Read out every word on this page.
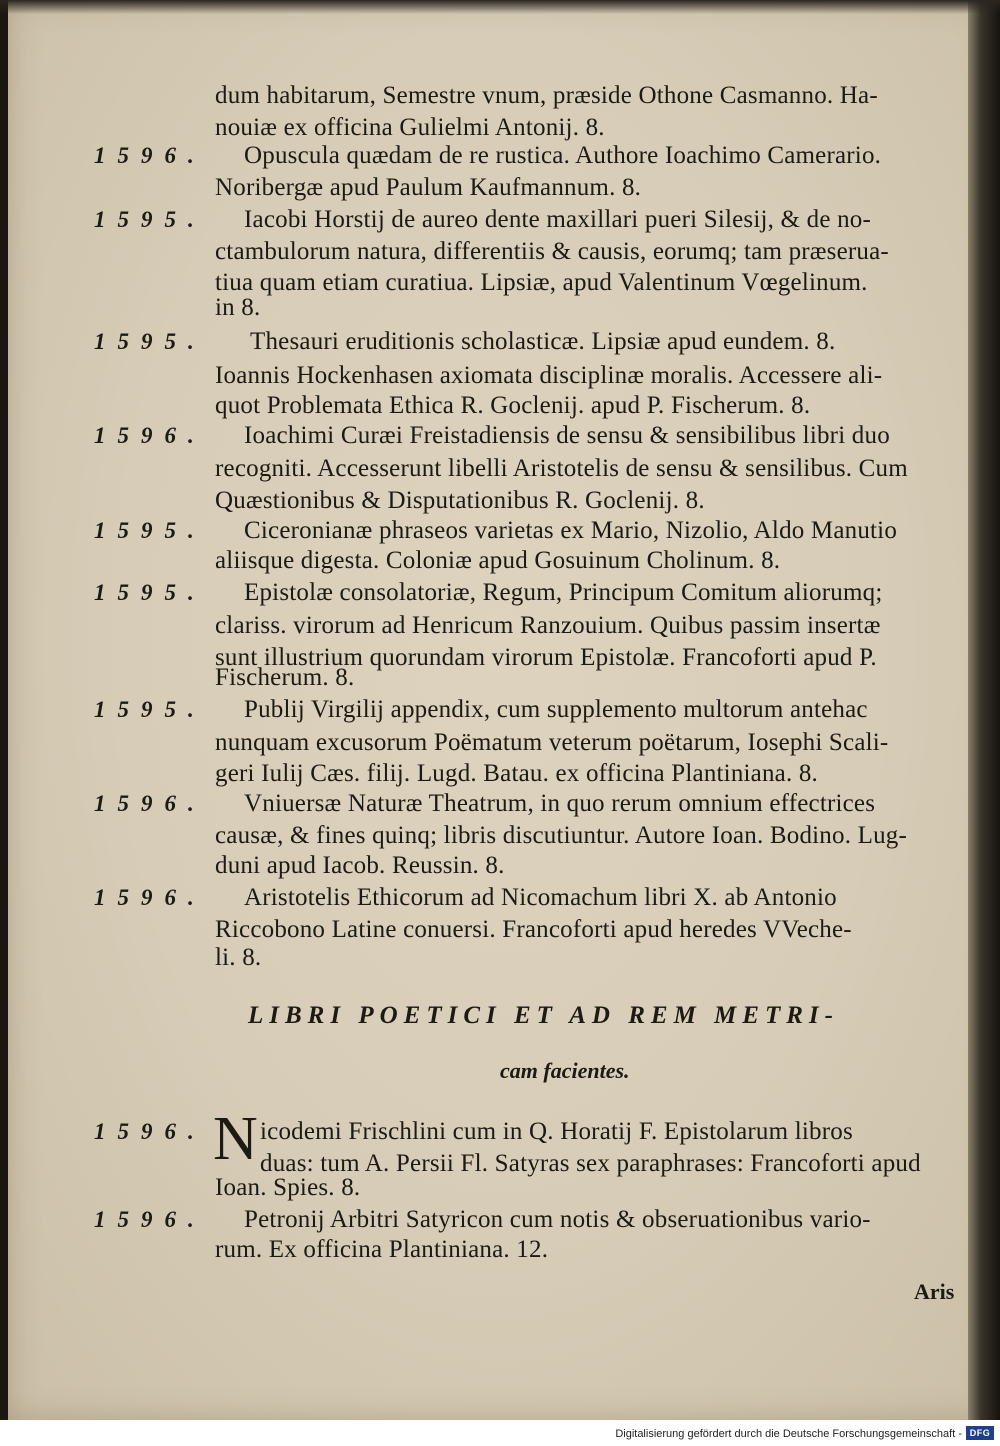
dum habitarum, Semestre vnum, præside Othone Casmanno. Ha-
nouiæ ex officina Gulielmi Antonij. 8.
1596. Opuscula quædam de re rustica. Authore Ioachimo Camerario.
Noribergæ apud Paulum Kaufmannum. 8.
1595. Iacobi Horstij de aureo dente maxillari pueri Silesij, & de no-
ctambulorum natura, differentiis & causis, eorumq; tam præserua-
tiua quam etiam curatiua. Lipsiæ, apud Valentinum Vœgelinum.
in 8.
1595. Thesauri eruditionis scholasticæ. Lipsiæ apud eundem. 8.
Ioannis Hockenhasen axiomata disciplinæ moralis. Accessere ali-
quot Problemata Ethica R. Goclenij. apud P. Fischerum. 8.
1596. Ioachimi Curæi Freistadiensis de sensu & sensibilibus libri duo
recogniti. Accesserunt libelli Aristotelis de sensu & sensilibus. Cum
Quæstionibus & Disputationibus R. Goclenij. 8.
1595. Ciceronianæ phraseos varietas ex Mario, Nizolio, Aldo Manutio
aliisque digesta. Coloniæ apud Gosuinum Cholinum. 8.
1595. Epistolæ consolatoriæ, Regum, Principum Comitum aliorumq;
clariss. virorum ad Henricum Ranzouium. Quibus passim insertæ
sunt illustrium quorundam virorum Epistolæ. Francoforti apud P.
Fischerum. 8.
1595. Publij Virgilij appendix, cum supplemento multorum antehac
nunquam excusorum Poëmatum veterum poëtarum, Iosephi Scali-
geri Iulij Cæs. filij. Lugd. Batau. ex officina Plantiniana. 8.
1596. Vniuersæ Naturæ Theatrum, in quo rerum omnium effectrices
causæ, & fines quinq; libris discutiuntur. Autore Ioan. Bodino. Lug-
duni apud Iacob. Reussin. 8.
1596. Aristotelis Ethicorum ad Nicomachum libri X. ab Antonio
Riccobono Latine conuersi. Francoforti apud heredes VVeche-
li. 8.
LIBRI POETICI ET AD REM METRI-
cam facientes.
1596. N icodemi Frischlini cum in Q. Horatij F. Epistolarum libros
duas: tum A. Persii Fl. Satyras sex paraphrases: Francoforti apud
Ioan. Spies. 8.
1596. Petronij Arbitri Satyricon cum notis & obseruationibus vario-
rum. Ex officina Plantiniana. 12.
Aris
Digitalisierung gefördert durch die Deutsche Forschungsgemeinschaft - DFG
